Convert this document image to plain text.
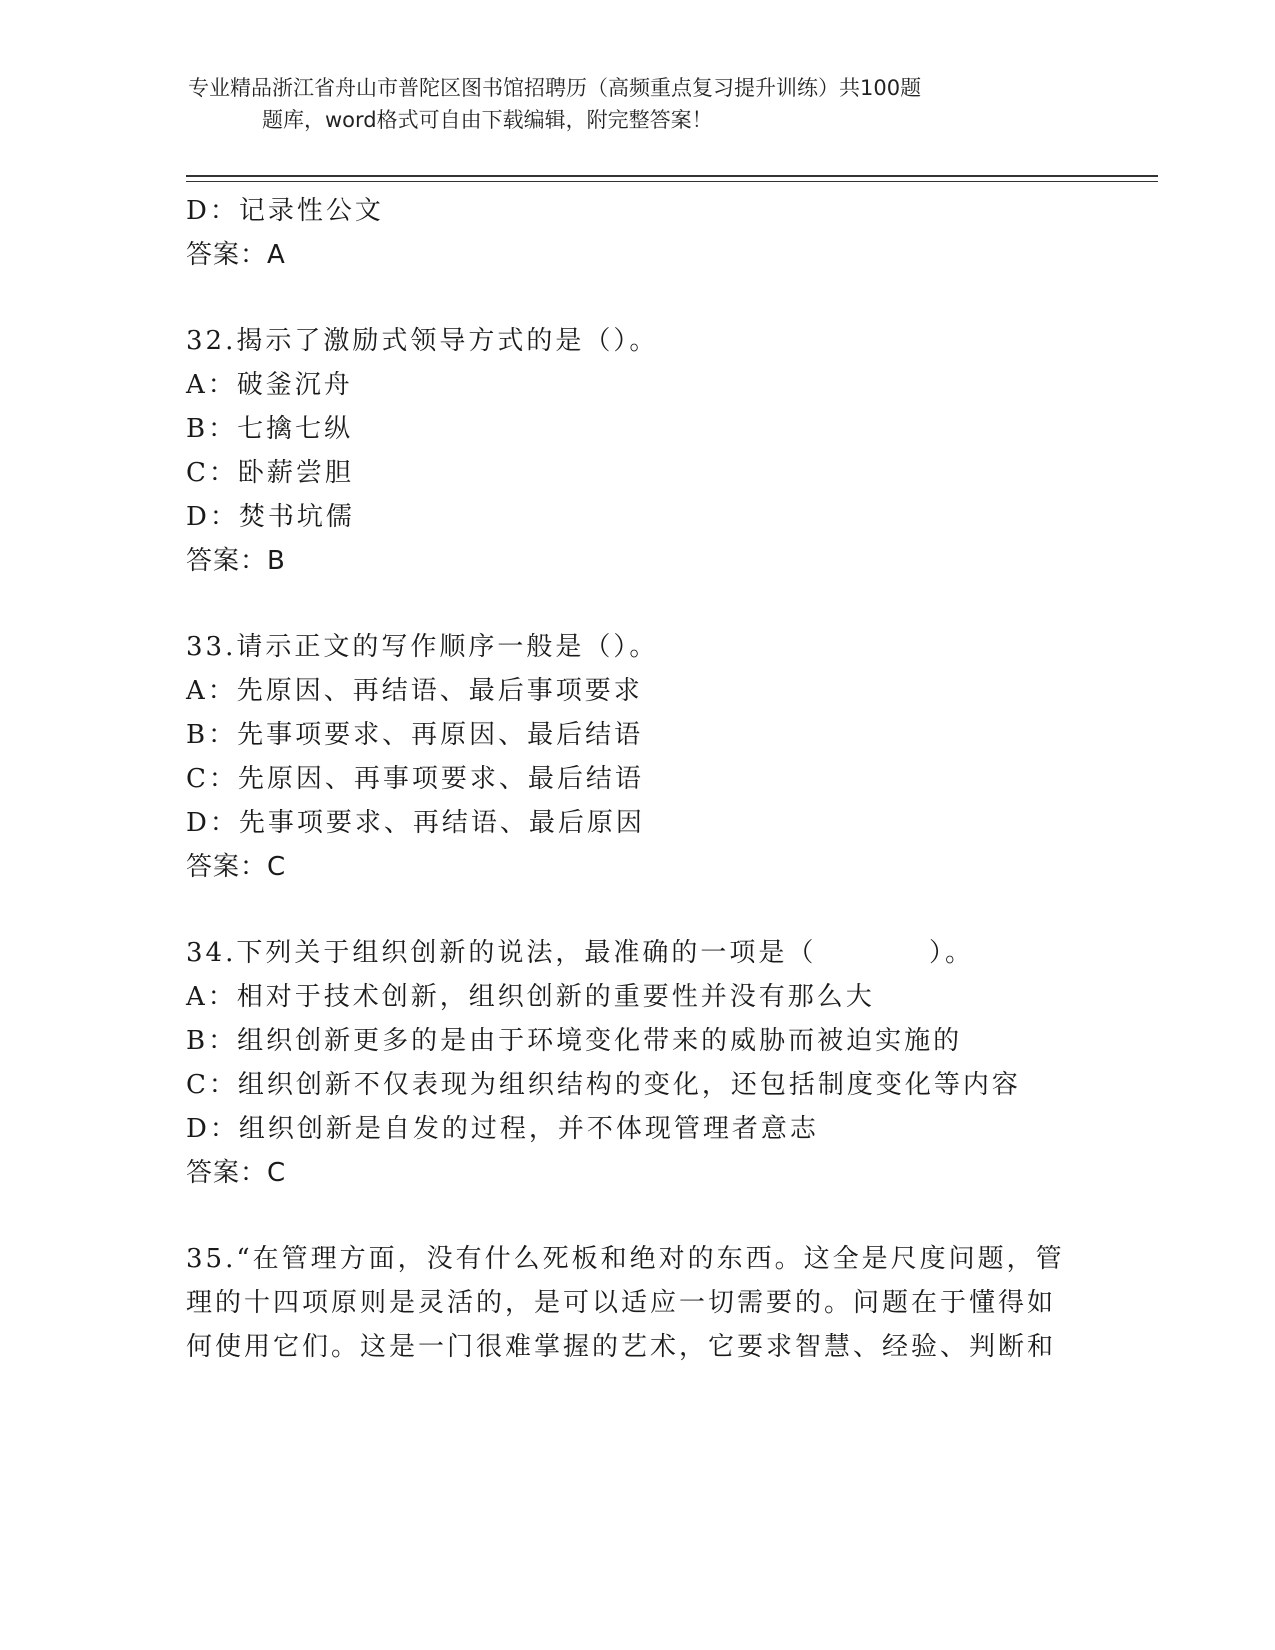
专业精品浙江省舟山市普陀区图书馆招聘历（高频重点复习提升训练）共100题
题库，word格式可自由下载编辑，附完整答案！
D：记录性公文
答案：A
32.揭示了激励式领导方式的是（）。
A：破釜沉舟
B：七擒七纵
C：卧薪尝胆
D：焚书坑儒
答案：B
33.请示正文的写作顺序一般是（）。
A：先原因、再结语、最后事项要求
B：先事项要求、再原因、最后结语
C：先原因、再事项要求、最后结语
D：先事项要求、再结语、最后原因
答案：C
34.下列关于组织创新的说法，最准确的一项是（          ）。
A：相对于技术创新，组织创新的重要性并没有那么大
B：组织创新更多的是由于环境变化带来的威胁而被迫实施的
C：组织创新不仅表现为组织结构的变化，还包括制度变化等内容
D：组织创新是自发的过程，并不体现管理者意志
答案：C
35.“在管理方面，没有什么死板和绝对的东西。这全是尺度问题，管
理的十四项原则是灵活的，是可以适应一切需要的。问题在于懂得如
何使用它们。这是一门很难掌握的艺术，它要求智慧、经验、判断和
